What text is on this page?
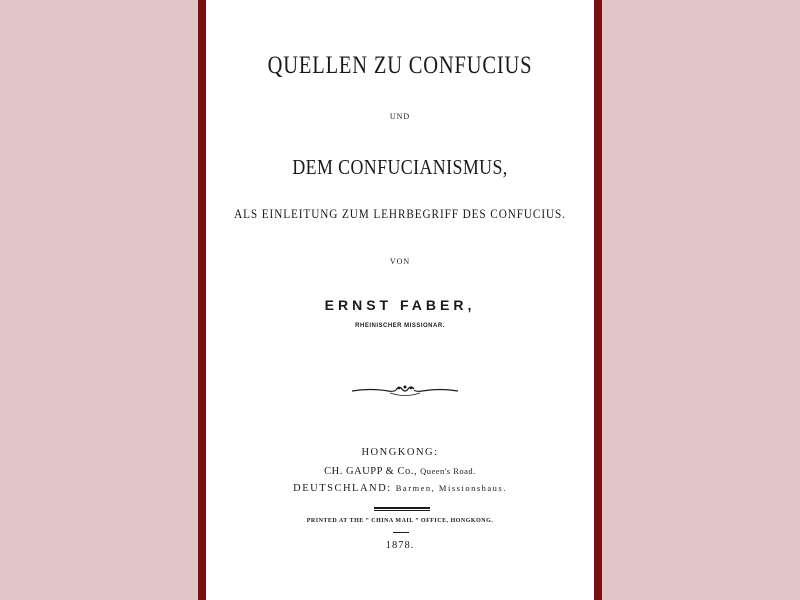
QUELLEN ZU CONFUCIUS
UND
DEM CONFUCIANISMUS,
ALS EINLEITUNG ZUM LEHRBEGRIFF DES CONFUCIUS.
VON
ERNST FABER,
RHEINISCHER MISSIONAR.
HONGKONG:
CH. GAUPP & Co., Queen's Road.
DEUTSCHLAND: Barmen, Missionshaus.
PRINTED AT THE “ CHINA MAIL ” OFFICE, HONGKONG.
1878.
